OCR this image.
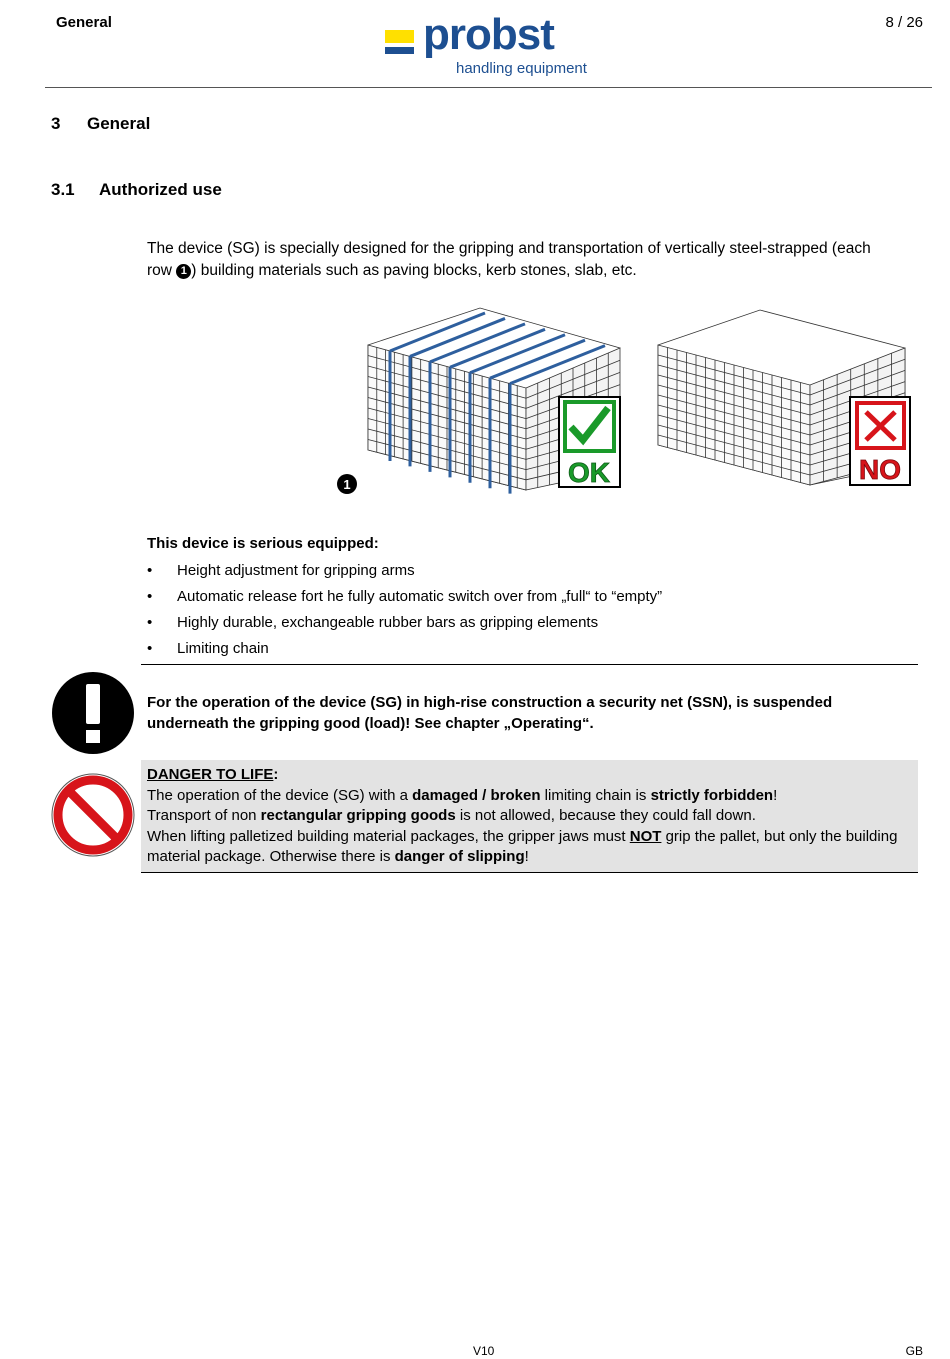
General	8 / 26
probst
handling equipment
3 General
3.1 Authorized use
The device (SG) is specially designed for the gripping and transportation of vertically steel-strapped (each row 1 ) building materials such as paving blocks, kerb stones, slab, etc.
OK
1	NO
This device is serious equipped:
• Height adjustment for gripping arms
• Automatic release fort he fully automatic switch over from „full“ to “empty”
• Highly durable, exchangeable rubber bars as gripping elements
• Limiting chain
For the operation of the device (SG) in high-rise construction a security net (SSN), is suspended underneath the gripping good (load)! See chapter „Operating“.
DANGER TO LIFE:
The operation of the device (SG) with a damaged / broken limiting chain is strictly forbidden!
Transport of non rectangular gripping goods is not allowed, because they could fall down.
When lifting palletized building material packages, the gripper jaws must NOT grip the pallet, but only the building material package. Otherwise there is danger of slipping!
V10	GB
